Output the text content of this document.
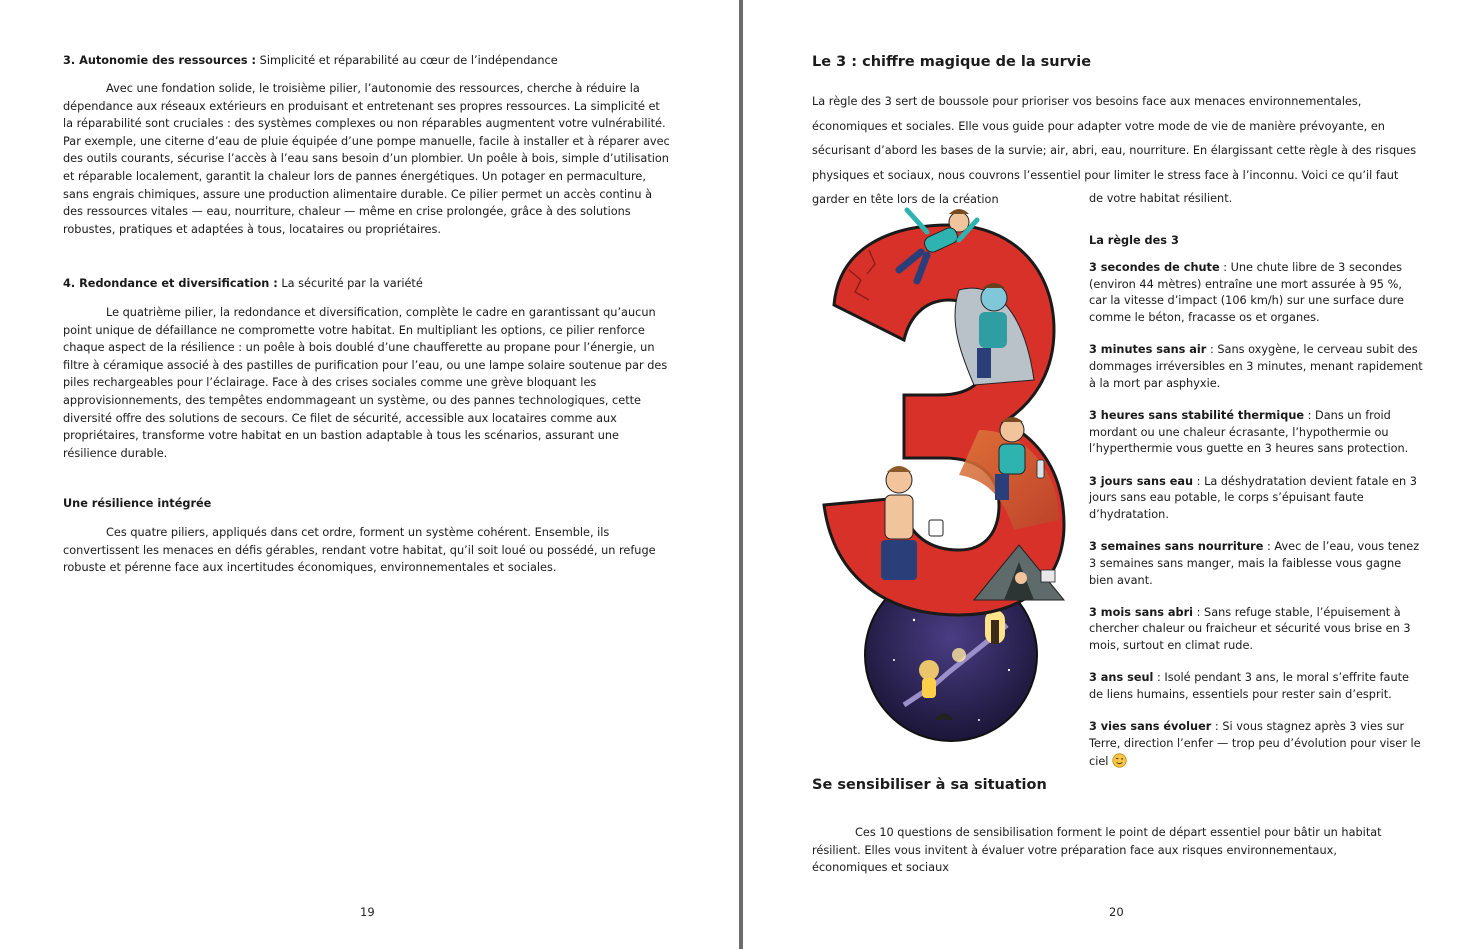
3. Autonomie des ressources : Simplicité et réparabilité au cœur de l’indépendance

Avec une fondation solide, le troisième pilier, l’autonomie des ressources, cherche à réduire la dépendance aux réseaux extérieurs en produisant et entretenant ses propres ressources. La simplicité et la réparabilité sont cruciales : des systèmes complexes ou non réparables augmentent votre vulnérabilité. Par exemple, une citerne d’eau de pluie équipée d’une pompe manuelle, facile à installer et à réparer avec des outils courants, sécurise l’accès à l’eau sans besoin d’un plombier. Un poêle à bois, simple d’utilisation et réparable localement, garantit la chaleur lors de pannes énergétiques. Un potager en permaculture, sans engrais chimiques, assure une production alimentaire durable. Ce pilier permet un accès continu à des ressources vitales — eau, nourriture, chaleur — même en crise prolongée, grâce à des solutions robustes, pratiques et adaptées à tous, locataires ou propriétaires.

4. Redondance et diversification : La sécurité par la variété

Le quatrième pilier, la redondance et diversification, complète le cadre en garantissant qu’aucun point unique de défaillance ne compromette votre habitat. En multipliant les options, ce pilier renforce chaque aspect de la résilience : un poêle à bois doublé d’une chaufferette au propane pour l’énergie, un filtre à céramique associé à des pastilles de purification pour l’eau, ou une lampe solaire soutenue par des piles rechargeables pour l’éclairage. Face à des crises sociales comme une grève bloquant les approvisionnements, des tempêtes endommageant un système, ou des pannes technologiques, cette diversité offre des solutions de secours. Ce filet de sécurité, accessible aux locataires comme aux propriétaires, transforme votre habitat en un bastion adaptable à tous les scénarios, assurant une résilience durable.

Une résilience intégrée

Ces quatre piliers, appliqués dans cet ordre, forment un système cohérent. Ensemble, ils convertissent les menaces en défis gérables, rendant votre habitat, qu’il soit loué ou possédé, un refuge robuste et pérenne face aux incertitudes économiques, environnementales et sociales.

19

Le 3 : chiffre magique de la survie

La règle des 3 sert de boussole pour prioriser vos besoins face aux menaces environnementales, économiques et sociales. Elle vous guide pour adapter votre mode de vie de manière prévoyante, en sécurisant d’abord les bases de la survie; air, abri, eau, nourriture. En élargissant cette règle à des risques physiques et sociaux, nous couvrons l’essentiel pour limiter le stress face à l’inconnu. Voici ce qu’il faut garder en tête lors de la création	de votre habitat résilient.

La règle des 3

3 secondes de chute : Une chute libre de 3 secondes (environ 44 mètres) entraîne une mort assurée à 95 %, car la vitesse d’impact (106 km/h) sur une surface dure comme le béton, fracasse os et organes.

3 minutes sans air : Sans oxygène, le cerveau subit des dommages irréversibles en 3 minutes, menant rapidement à la mort par asphyxie.

3 heures sans stabilité thermique : Dans un froid mordant ou une chaleur écrasante, l’hypothermie ou l’hyperthermie vous guette en 3 heures sans protection.

3 jours sans eau : La déshydratation devient fatale en 3 jours sans eau potable, le corps s’épuisant faute d’hydratation.

3 semaines sans nourriture : Avec de l’eau, vous tenez 3 semaines sans manger, mais la faiblesse vous gagne bien avant.

3 mois sans abri : Sans refuge stable, l’épuisement à chercher chaleur ou fraicheur et sécurité vous brise en 3 mois, surtout en climat rude.

3 ans seul : Isolé pendant 3 ans, le moral s’effrite faute de liens humains, essentiels pour rester sain d’esprit.

3 vies sans évoluer : Si vous stagnez après 3 vies sur Terre, direction l’enfer — trop peu d’évolution pour viser le ciel

Se sensibiliser à sa situation

Ces 10 questions de sensibilisation forment le point de départ essentiel pour bâtir un habitat résilient. Elles vous invitent à évaluer votre préparation face aux risques environnementaux, économiques et sociaux

20
